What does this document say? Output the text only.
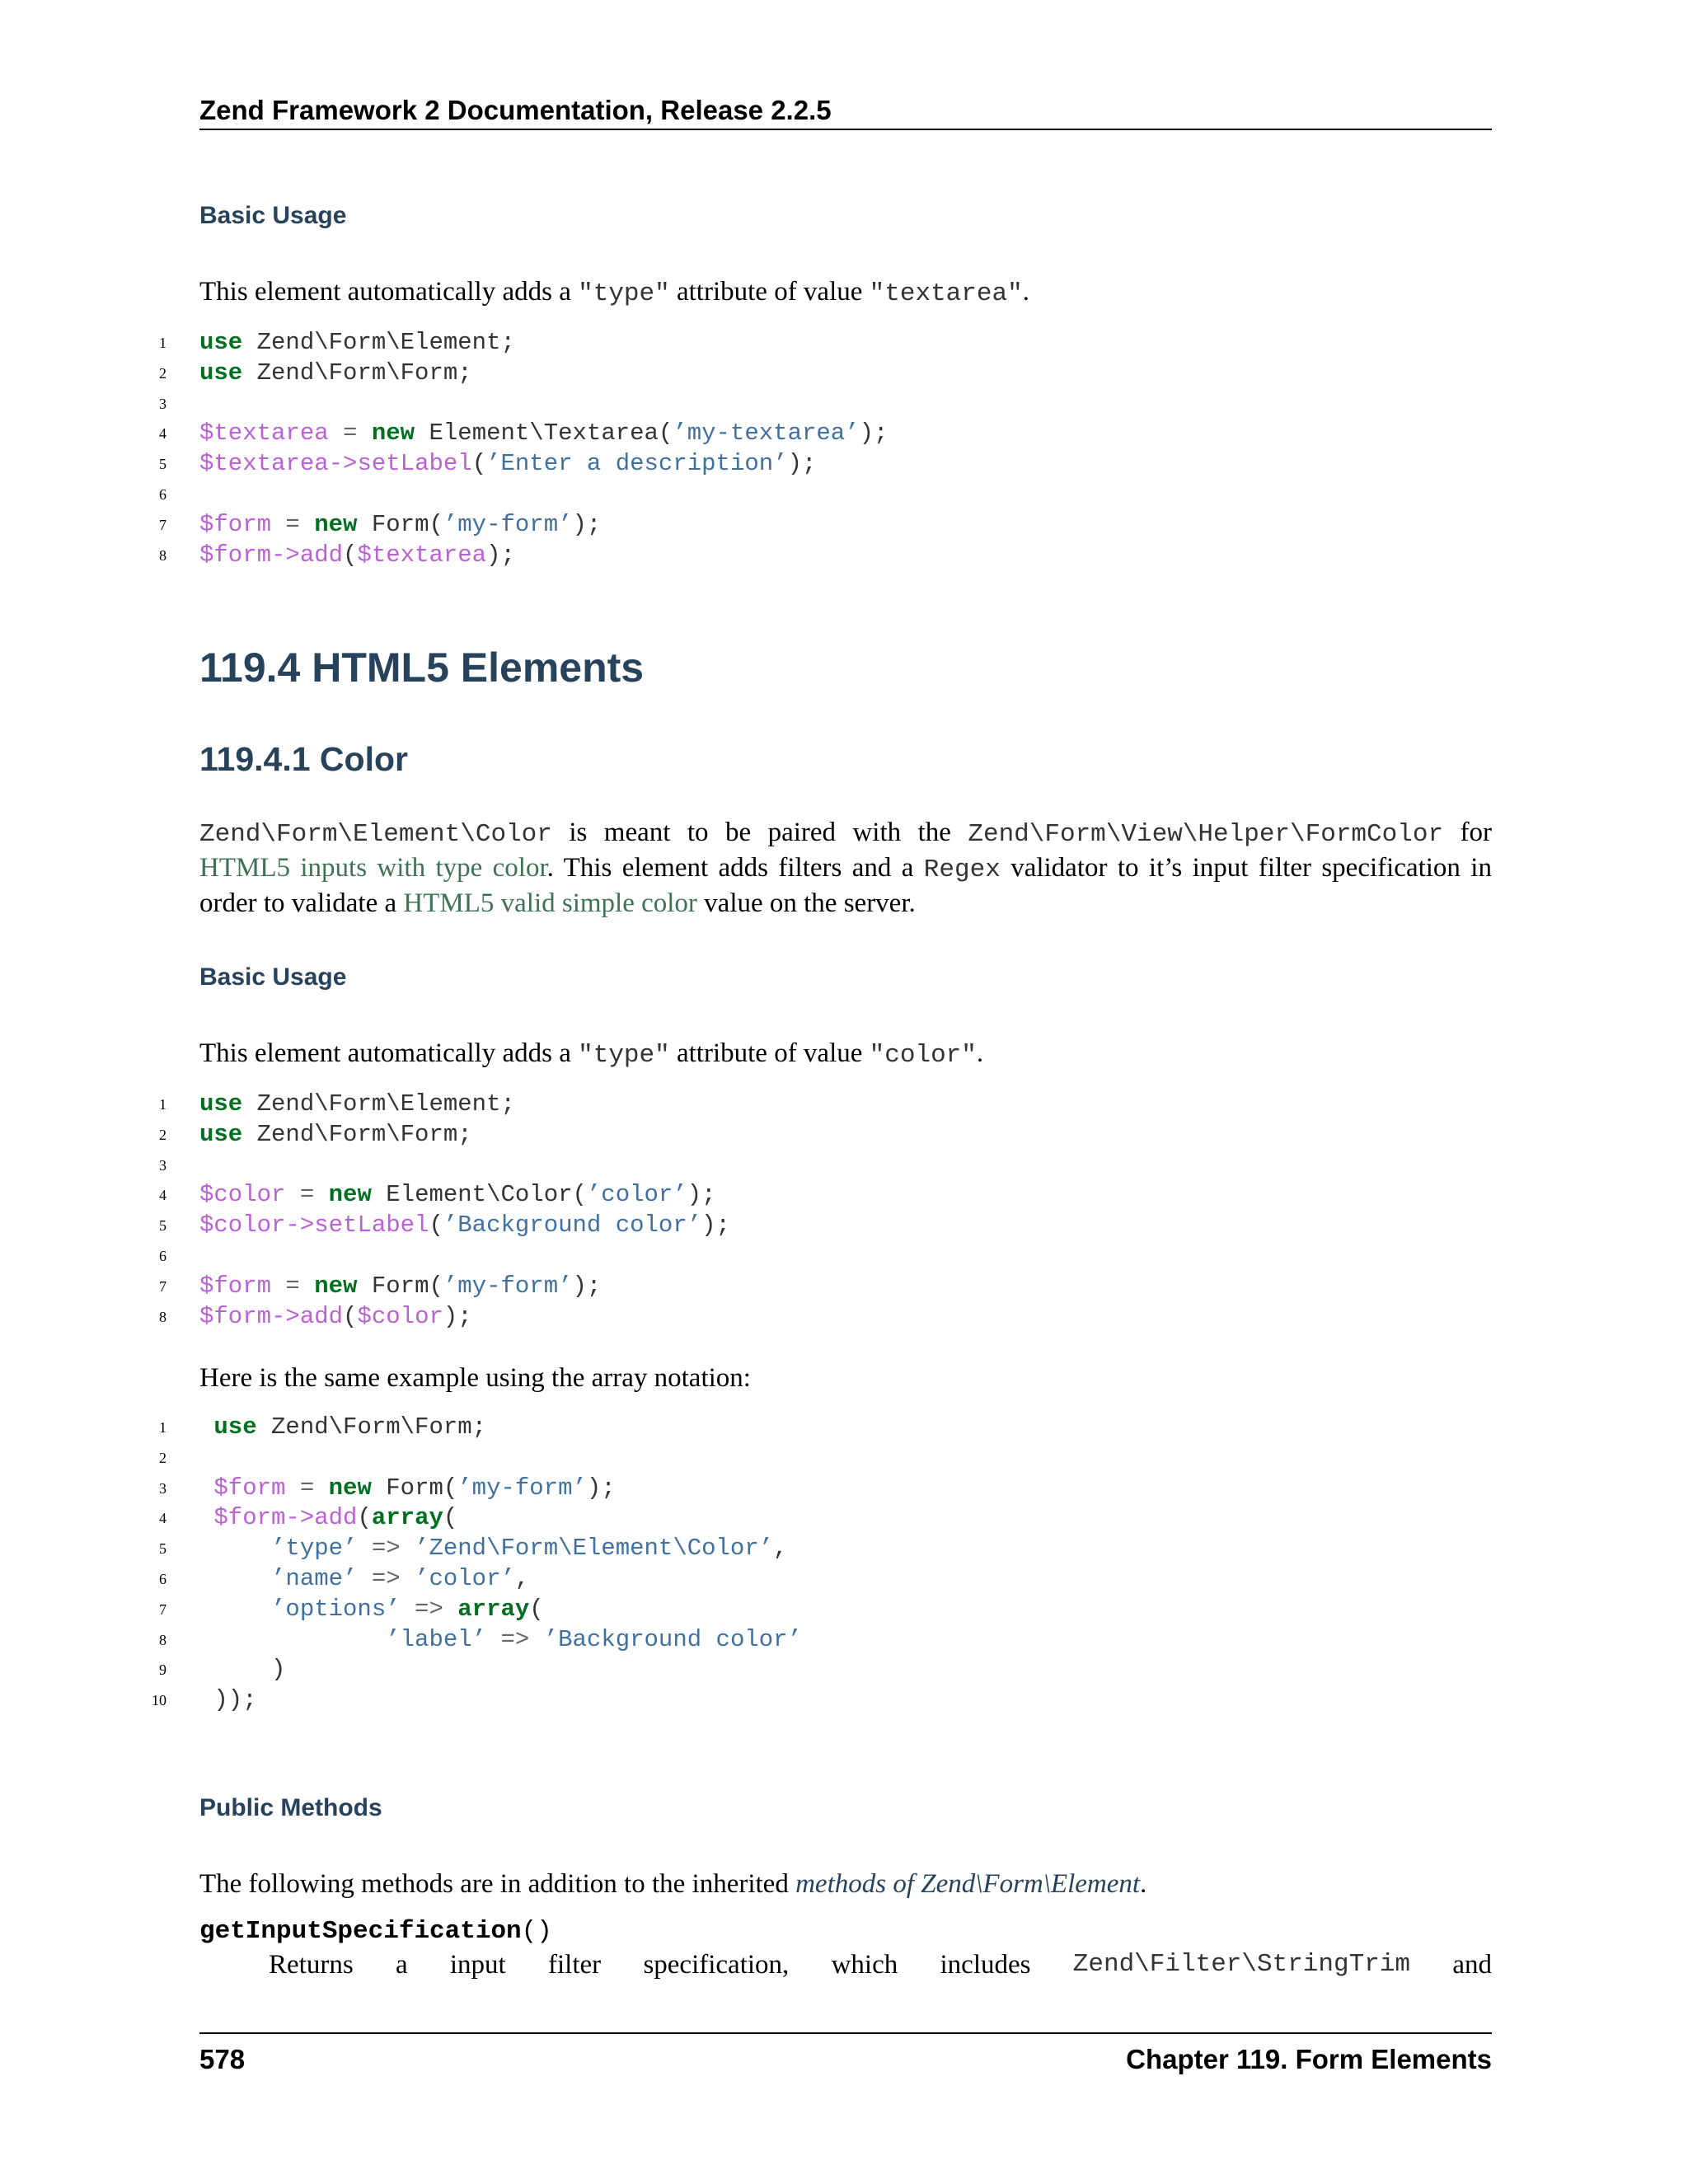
Zend Framework 2 Documentation, Release 2.2.5
Basic Usage
This element automatically adds a "type" attribute of value "textarea".
1	use Zend\Form\Element;
2	use Zend\Form\Form;
3
4	$textarea = new Element\Textarea(’my-textarea’);
5	$textarea->setLabel(’Enter a description’);
6
7	$form = new Form(’my-form’);
8	$form->add($textarea);
119.4 HTML5 Elements
119.4.1 Color
Zend\Form\Element\Color is meant to be paired with the Zend\Form\View\Helper\FormColor for HTML5 inputs with type color. This element adds filters and a Regex validator to it’s input filter specification in order to validate a HTML5 valid simple color value on the server.
Basic Usage
This element automatically adds a "type" attribute of value "color".
1	use Zend\Form\Element;
2	use Zend\Form\Form;
3
4	$color = new Element\Color(’color’);
5	$color->setLabel(’Background color’);
6
7	$form = new Form(’my-form’);
8	$form->add($color);
Here is the same example using the array notation:
1	use Zend\Form\Form;
2
3	$form = new Form(’my-form’);
4	$form->add(array(
5	’type’ => ’Zend\Form\Element\Color’,
6	’name’ => ’color’,
7	’options’ => array(
8	’label’ => ’Background color’
9	)
10	));
Public Methods
The following methods are in addition to the inherited methods of Zend\Form\Element.
getInputSpecification()
Returns a input filter specification, which includes Zend\Filter\StringTrim and
578	Chapter 119. Form Elements
